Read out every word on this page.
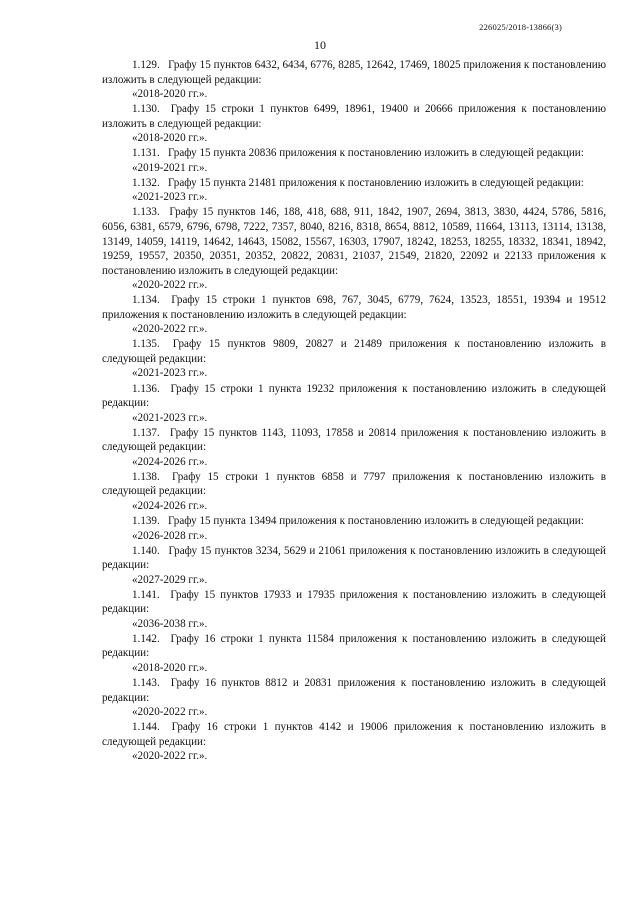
226025/2018-13866(3)
10

1.129.  Графу 15 пунктов 6432, 6434, 6776, 8285, 12642, 17469, 18025 приложения к постановлению изложить в следующей редакции:

«2018-2020 гг.».

1.130.  Графу 15 строки 1 пунктов 6499, 18961, 19400 и 20666 приложения к постановлению изложить в следующей редакции:

«2018-2020 гг.».

1.131.  Графу 15 пункта 20836 приложения к постановлению изложить в следующей редакции:

«2019-2021 гг.».

1.132.  Графу 15 пункта 21481 приложения к постановлению изложить в следующей редакции:

«2021-2023 гг.».

1.133.  Графу 15 пунктов 146, 188, 418, 688, 911, 1842, 1907, 2694, 3813, 3830, 4424, 5786, 5816, 6056, 6381, 6579, 6796, 6798, 7222, 7357, 8040, 8216, 8318, 8654, 8812, 10589, 11664, 13113, 13114, 13138, 13149, 14059, 14119, 14642, 14643, 15082, 15567, 16303, 17907, 18242, 18253, 18255, 18332, 18341, 18942, 19259, 19557, 20350, 20351, 20352, 20822, 20831, 21037, 21549, 21820, 22092 и 22133 приложения к постановлению изложить в следующей редакции:

«2020-2022 гг.».

1.134.  Графу 15 строки 1 пунктов 698, 767, 3045, 6779, 7624, 13523, 18551, 19394 и 19512 приложения к постановлению изложить в следующей редакции:

«2020-2022 гг.».

1.135.  Графу 15 пунктов 9809, 20827 и 21489 приложения к постановлению изложить в следующей редакции:

«2021-2023 гг.».

1.136.  Графу 15 строки 1 пункта 19232 приложения к постановлению изложить в следующей редакции:

«2021-2023 гг.».

1.137.  Графу 15 пунктов 1143, 11093, 17858 и 20814 приложения к постановлению изложить в следующей редакции:

«2024-2026 гг.».

1.138.  Графу 15 строки 1 пунктов 6858 и 7797 приложения к постановлению изложить в следующей редакции:

«2024-2026 гг.».

1.139.  Графу 15 пункта 13494 приложения к постановлению изложить в следующей редакции:

«2026-2028 гг.».

1.140.  Графу 15 пунктов 3234, 5629 и 21061 приложения к постановлению изложить в следующей редакции:

«2027-2029 гг.».

1.141.  Графу 15 пунктов 17933 и 17935 приложения к постановлению изложить в следующей редакции:

«2036-2038 гг.».

1.142.  Графу 16 строки 1 пункта 11584 приложения к постановлению изложить в следующей редакции:

«2018-2020 гг.».

1.143.  Графу 16 пунктов 8812 и 20831 приложения к постановлению изложить в следующей редакции:

«2020-2022 гг.».

1.144.  Графу 16 строки 1 пунктов 4142 и 19006 приложения к постановлению изложить в следующей редакции:

«2020-2022 гг.».
